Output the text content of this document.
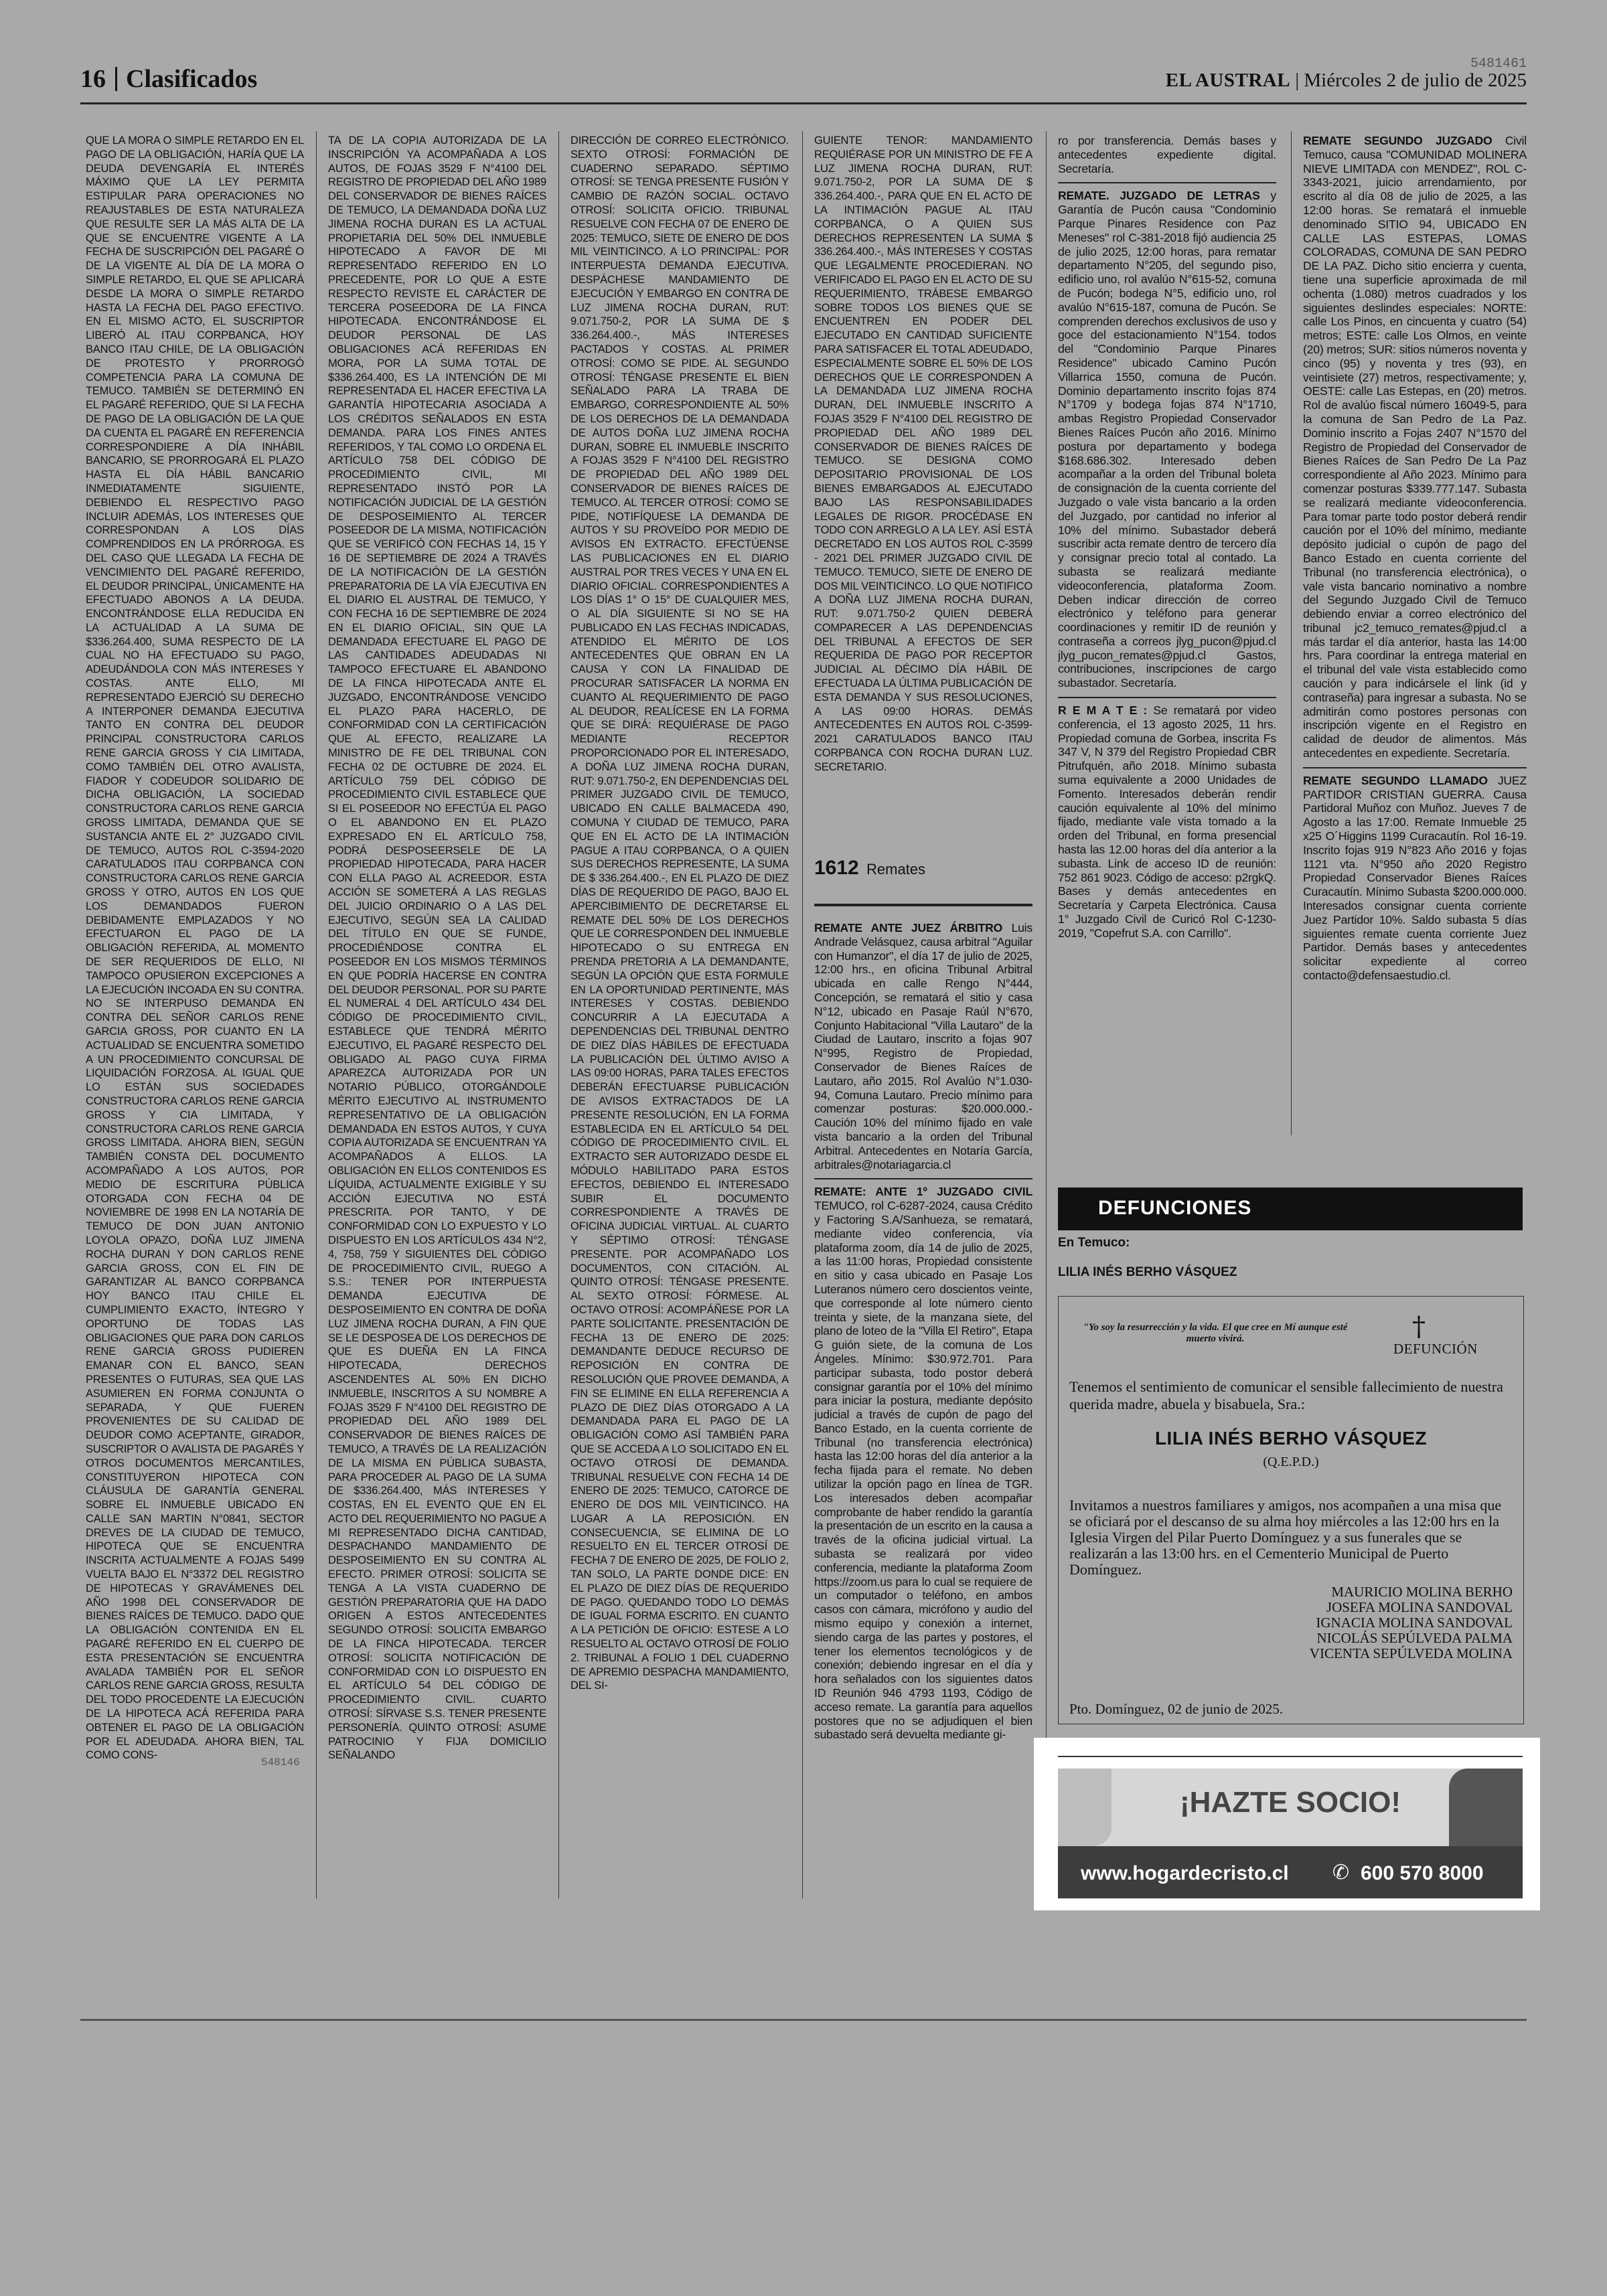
16 Clasificados
5481461
EL AUSTRAL | Miércoles 2 de julio de 2025
QUE LA MORA O SIMPLE RETARDO EN EL PAGO DE LA OBLIGACIÓN, HARÍA QUE LA DEUDA DEVENGARÍA EL INTERÉS MÁXIMO QUE LA LEY PERMITA ESTIPULAR PARA OPERACIONES NO REAJUSTABLES DE ESTA NATURALEZA QUE RESULTE SER LA MÁS ALTA DE LA QUE SE ENCUENTRE VIGENTE A LA FECHA DE SUSCRIPCIÓN DEL PAGARÉ O DE LA VIGENTE AL DÍA DE LA MORA O SIMPLE RETARDO, EL QUE SE APLICARÁ DESDE LA MORA O SIMPLE RETARDO HASTA LA FECHA DEL PAGO EFECTIVO. EN EL MISMO ACTO, EL SUSCRIPTOR LIBERÓ AL ITAU CORPBANCA, HOY BANCO ITAU CHILE, DE LA OBLIGACIÓN DE PROTESTO Y PRORROGÓ COMPETENCIA PARA LA COMUNA DE TEMUCO. TAMBIÉN SE DETERMINÓ EN EL PAGARÉ REFERIDO, QUE SI LA FECHA DE PAGO DE LA OBLIGACIÓN DE LA QUE DA CUENTA EL PAGARÉ EN REFERENCIA CORRESPONDIERE A DÍA INHÁBIL BANCARIO, SE PRORROGARÁ EL PLAZO HASTA EL DÍA HÁBIL BANCARIO INMEDIATAMENTE SIGUIENTE, DEBIENDO EL RESPECTIVO PAGO INCLUIR ADEMÁS, LOS INTERESES QUE CORRESPONDAN A LOS DÍAS COMPRENDIDOS EN LA PRÓRROGA. ES DEL CASO QUE LLEGADA LA FECHA DE VENCIMIENTO DEL PAGARÉ REFERIDO, EL DEUDOR PRINCIPAL, ÚNICAMENTE HA EFECTUADO ABONOS A LA DEUDA. ENCONTRÁNDOSE ELLA REDUCIDA EN LA ACTUALIDAD A LA SUMA DE $336.264.400, SUMA RESPECTO DE LA CUAL NO HA EFECTUADO SU PAGO, ADEUDÁNDOLA CON MÁS INTERESES Y COSTAS. ANTE ELLO, MI REPRESENTADO EJERCIÓ SU DERECHO A INTERPONER DEMANDA EJECUTIVA TANTO EN CONTRA DEL DEUDOR PRINCIPAL CONSTRUCTORA CARLOS RENE GARCIA GROSS Y CIA LIMITADA, COMO TAMBIÉN DEL OTRO AVALISTA, FIADOR Y CODEUDOR SOLIDARIO DE DICHA OBLIGACIÓN, LA SOCIEDAD CONSTRUCTORA CARLOS RENE GARCIA GROSS LIMITADA, DEMANDA QUE SE SUSTANCIA ANTE EL 2° JUZGADO CIVIL DE TEMUCO, AUTOS ROL C-3594-2020 CARATULADOS ITAU CORPBANCA CON CONSTRUCTORA CARLOS RENE GARCIA GROSS Y OTRO, AUTOS EN LOS QUE LOS DEMANDADOS FUERON DEBIDAMENTE EMPLAZADOS Y NO EFECTUARON EL PAGO DE LA OBLIGACIÓN REFERIDA, AL MOMENTO DE SER REQUERIDOS DE ELLO, NI TAMPOCO OPUSIERON EXCEPCIONES A LA EJECUCIÓN INCOADA EN SU CONTRA. NO SE INTERPUSO DEMANDA EN CONTRA DEL SEÑOR CARLOS RENE GARCIA GROSS, POR CUANTO EN LA ACTUALIDAD SE ENCUENTRA SOMETIDO A UN PROCEDIMIENTO CONCURSAL DE LIQUIDACIÓN FORZOSA. AL IGUAL QUE LO ESTÁN SUS SOCIEDADES CONSTRUCTORA CARLOS RENE GARCIA GROSS Y CIA LIMITADA, Y CONSTRUCTORA CARLOS RENE GARCIA GROSS LIMITADA. AHORA BIEN, SEGÚN TAMBIÉN CONSTA DEL DOCUMENTO ACOMPAÑADO A LOS AUTOS, POR MEDIO DE ESCRITURA PÚBLICA OTORGADA CON FECHA 04 DE NOVIEMBRE DE 1998 EN LA NOTARÍA DE TEMUCO DE DON JUAN ANTONIO LOYOLA OPAZO, DOÑA LUZ JIMENA ROCHA DURAN Y DON CARLOS RENE GARCIA GROSS, CON EL FIN DE GARANTIZAR AL BANCO CORPBANCA HOY BANCO ITAU CHILE EL CUMPLIMIENTO EXACTO, ÍNTEGRO Y OPORTUNO DE TODAS LAS OBLIGACIONES QUE PARA DON CARLOS RENE GARCIA GROSS PUDIEREN EMANAR CON EL BANCO, SEAN PRESENTES O FUTURAS, SEA QUE LAS ASUMIEREN EN FORMA CONJUNTA O SEPARADA, Y QUE FUEREN PROVENIENTES DE SU CALIDAD DE DEUDOR COMO ACEPTANTE, GIRADOR, SUSCRIPTOR O AVALISTA DE PAGARÉS Y OTROS DOCUMENTOS MERCANTILES, CONSTITUYERON HIPOTECA CON CLÁUSULA DE GARANTÍA GENERAL SOBRE EL INMUEBLE UBICADO EN CALLE SAN MARTIN N°0841, SECTOR DREVES DE LA CIUDAD DE TEMUCO, HIPOTECA QUE SE ENCUENTRA INSCRITA ACTUALMENTE A FOJAS 5499 VUELTA BAJO EL N°3372 DEL REGISTRO DE HIPOTECAS Y GRAVÁMENES DEL AÑO 1998 DEL CONSERVADOR DE BIENES RAÍCES DE TEMUCO. DADO QUE LA OBLIGACIÓN CONTENIDA EN EL PAGARÉ REFERIDO EN EL CUERPO DE ESTA PRESENTACIÓN SE ENCUENTRA AVALADA TAMBIÉN POR EL SEÑOR CARLOS RENE GARCIA GROSS, RESULTA DEL TODO PROCEDENTE LA EJECUCIÓN DE LA HIPOTECA ACÁ REFERIDA PARA OBTENER EL PAGO DE LA OBLIGACIÓN POR EL ADEUDADA. AHORA BIEN, TAL COMO CONS-
TA DE LA COPIA AUTORIZADA DE LA INSCRIPCIÓN YA ACOMPAÑADA A LOS AUTOS, DE FOJAS 3529 F N°4100 DEL REGISTRO DE PROPIEDAD DEL AÑO 1989 DEL CONSERVADOR DE BIENES RAÍCES DE TEMUCO, LA DEMANDADA DOÑA LUZ JIMENA ROCHA DURAN ES LA ACTUAL PROPIETARIA DEL 50% DEL INMUEBLE HIPOTECADO A FAVOR DE MI REPRESENTADO REFERIDO EN LO PRECEDENTE, POR LO QUE A ESTE RESPECTO REVISTE EL CARÁCTER DE TERCERA POSEEDORA DE LA FINCA HIPOTECADA. ENCONTRÁNDOSE EL DEUDOR PERSONAL DE LAS OBLIGACIONES ACÁ REFERIDAS EN MORA, POR LA SUMA TOTAL DE $336.264.400, ES LA INTENCIÓN DE MI REPRESENTADA EL HACER EFECTIVA LA GARANTÍA HIPOTECARIA ASOCIADA A LOS CRÉDITOS SEÑALADOS EN ESTA DEMANDA. PARA LOS FINES ANTES REFERIDOS, Y TAL COMO LO ORDENA EL ARTÍCULO 758 DEL CÓDIGO DE PROCEDIMIENTO CIVIL, MI REPRESENTADO INSTÓ POR LA NOTIFICACIÓN JUDICIAL DE LA GESTIÓN DE DESPOSEIMIENTO AL TERCER POSEEDOR DE LA MISMA, NOTIFICACIÓN QUE SE VERIFICÓ CON FECHAS 14, 15 Y 16 DE SEPTIEMBRE DE 2024 A TRAVÉS DE LA NOTIFICACIÓN DE LA GESTIÓN PREPARATORIA DE LA VÍA EJECUTIVA EN EL DIARIO EL AUSTRAL DE TEMUCO, Y CON FECHA 16 DE SEPTIEMBRE DE 2024 EN EL DIARIO OFICIAL, SIN QUE LA DEMANDADA EFECTUARE EL PAGO DE LAS CANTIDADES ADEUDADAS NI TAMPOCO EFECTUARE EL ABANDONO DE LA FINCA HIPOTECADA ANTE EL JUZGADO, ENCONTRÁNDOSE VENCIDO EL PLAZO PARA HACERLO, DE CONFORMIDAD CON LA CERTIFICACIÓN QUE AL EFECTO, REALIZARE LA MINISTRO DE FE DEL TRIBUNAL CON FECHA 02 DE OCTUBRE DE 2024. EL ARTÍCULO 759 DEL CÓDIGO DE PROCEDIMIENTO CIVIL ESTABLECE QUE SI EL POSEEDOR NO EFECTÚA EL PAGO O EL ABANDONO EN EL PLAZO EXPRESADO EN EL ARTÍCULO 758, PODRÁ DESPOSEERSELE DE LA PROPIEDAD HIPOTECADA, PARA HACER CON ELLA PAGO AL ACREEDOR. ESTA ACCIÓN SE SOMETERÁ A LAS REGLAS DEL JUICIO ORDINARIO O A LAS DEL EJECUTIVO, SEGÚN SEA LA CALIDAD DEL TÍTULO EN QUE SE FUNDE, PROCEDIÉNDOSE CONTRA EL POSEEDOR EN LOS MISMOS TÉRMINOS EN QUE PODRÍA HACERSE EN CONTRA DEL DEUDOR PERSONAL. POR SU PARTE EL NUMERAL 4 DEL ARTÍCULO 434 DEL CÓDIGO DE PROCEDIMIENTO CIVIL, ESTABLECE QUE TENDRÁ MÉRITO EJECUTIVO, EL PAGARÉ RESPECTO DEL OBLIGADO AL PAGO CUYA FIRMA APAREZCA AUTORIZADA POR UN NOTARIO PÚBLICO, OTORGÁNDOLE MÉRITO EJECUTIVO AL INSTRUMENTO REPRESENTATIVO DE LA OBLIGACIÓN DEMANDADA EN ESTOS AUTOS, Y CUYA COPIA AUTORIZADA SE ENCUENTRAN YA ACOMPAÑADOS A ELLOS. LA OBLIGACIÓN EN ELLOS CONTENIDOS ES LÍQUIDA, ACTUALMENTE EXIGIBLE Y SU ACCIÓN EJECUTIVA NO ESTÁ PRESCRITA. POR TANTO, Y DE CONFORMIDAD CON LO EXPUESTO Y LO DISPUESTO EN LOS ARTÍCULOS 434 N°2, 4, 758, 759 Y SIGUIENTES DEL CÓDIGO DE PROCEDIMIENTO CIVIL, RUEGO A S.S.: TENER POR INTERPUESTA DEMANDA EJECUTIVA DE DESPOSEIMIENTO EN CONTRA DE DOÑA LUZ JIMENA ROCHA DURAN, A FIN QUE SE LE DESPOSEA DE LOS DERECHOS DE QUE ES DUEÑA EN LA FINCA HIPOTECADA, DERECHOS ASCENDENTES AL 50% EN DICHO INMUEBLE, INSCRITOS A SU NOMBRE A FOJAS 3529 F N°4100 DEL REGISTRO DE PROPIEDAD DEL AÑO 1989 DEL CONSERVADOR DE BIENES RAÍCES DE TEMUCO, A TRAVÉS DE LA REALIZACIÓN DE LA MISMA EN PÚBLICA SUBASTA, PARA PROCEDER AL PAGO DE LA SUMA DE $336.264.400, MÁS INTERESES Y COSTAS, EN EL EVENTO QUE EN EL ACTO DEL REQUERIMIENTO NO PAGUE A MI REPRESENTADO DICHA CANTIDAD, DESPACHANDO MANDAMIENTO DE DESPOSEIMIENTO EN SU CONTRA AL EFECTO. PRIMER OTROSÍ: SOLICITA SE TENGA A LA VISTA CUADERNO DE GESTIÓN PREPARATORIA QUE HA DADO ORIGEN A ESTOS ANTECEDENTES SEGUNDO OTROSÍ: SOLICITA EMBARGO DE LA FINCA HIPOTECADA. TERCER OTROSÍ: SOLICITA NOTIFICACIÓN DE CONFORMIDAD CON LO DISPUESTO EN EL ARTÍCULO 54 DEL CÓDIGO DE PROCEDIMIENTO CIVIL. CUARTO OTROSÍ: SÍRVASE S.S. TENER PRESENTE PERSONERÍA. QUINTO OTROSÍ: ASUME PATROCINIO Y FIJA DOMICILIO SEÑALANDO
DIRECCIÓN DE CORREO ELECTRÓNICO. SEXTO OTROSÍ: FORMACIÓN DE CUADERNO SEPARADO. SÉPTIMO OTROSÍ: SE TENGA PRESENTE FUSIÓN Y CAMBIO DE RAZÓN SOCIAL. OCTAVO OTROSÍ: SOLICITA OFICIO. TRIBUNAL RESUELVE CON FECHA 07 DE ENERO DE 2025: TEMUCO, SIETE DE ENERO DE DOS MIL VEINTICINCO. A LO PRINCIPAL: POR INTERPUESTA DEMANDA EJECUTIVA. DESPÁCHESE MANDAMIENTO DE EJECUCIÓN Y EMBARGO EN CONTRA DE LUZ JIMENA ROCHA DURAN, RUT: 9.071.750-2, POR LA SUMA DE $ 336.264.400.-, MÁS INTERESES PACTADOS Y COSTAS. AL PRIMER OTROSÍ: COMO SE PIDE. AL SEGUNDO OTROSÍ: TÉNGASE PRESENTE EL BIEN SEÑALADO PARA LA TRABA DE EMBARGO, CORRESPONDIENTE AL 50% DE LOS DERECHOS DE LA DEMANDADA DE AUTOS DOÑA LUZ JIMENA ROCHA DURAN, SOBRE EL INMUEBLE INSCRITO A FOJAS 3529 F N°4100 DEL REGISTRO DE PROPIEDAD DEL AÑO 1989 DEL CONSERVADOR DE BIENES RAÍCES DE TEMUCO. AL TERCER OTROSÍ: COMO SE PIDE, NOTIFÍQUESE LA DEMANDA DE AUTOS Y SU PROVEÍDO POR MEDIO DE AVISOS EN EXTRACTO. EFECTÚENSE LAS PUBLICACIONES EN EL DIARIO AUSTRAL POR TRES VECES Y UNA EN EL DIARIO OFICIAL. CORRESPONDIENTES A LOS DÍAS 1° O 15° DE CUALQUIER MES, O AL DÍA SIGUIENTE SI NO SE HA PUBLICADO EN LAS FECHAS INDICADAS, ATENDIDO EL MÉRITO DE LOS ANTECEDENTES QUE OBRAN EN LA CAUSA Y CON LA FINALIDAD DE PROCURAR SATISFACER LA NORMA EN CUANTO AL REQUERIMIENTO DE PAGO AL DEUDOR, REALÍCESE EN LA FORMA QUE SE DIRÁ: REQUIÉRASE DE PAGO MEDIANTE RECEPTOR PROPORCIONADO POR EL INTERESADO, A DOÑA LUZ JIMENA ROCHA DURAN, RUT: 9.071.750-2, EN DEPENDENCIAS DEL PRIMER JUZGADO CIVIL DE TEMUCO, UBICADO EN CALLE BALMACEDA 490, COMUNA Y CIUDAD DE TEMUCO, PARA QUE EN EL ACTO DE LA INTIMACIÓN PAGUE A ITAU CORPBANCA, O A QUIEN SUS DERECHOS REPRESENTE, LA SUMA DE $ 336.264.400.-, EN EL PLAZO DE DIEZ DÍAS DE REQUERIDO DE PAGO, BAJO EL APERCIBIMIENTO DE DECRETARSE EL REMATE DEL 50% DE LOS DERECHOS QUE LE CORRESPONDEN DEL INMUEBLE HIPOTECADO O SU ENTREGA EN PRENDA PRETORIA A LA DEMANDANTE, SEGÚN LA OPCIÓN QUE ESTA FORMULE EN LA OPORTUNIDAD PERTINENTE, MÁS INTERESES Y COSTAS. DEBIENDO CONCURRIR A LA EJECUTADA A DEPENDENCIAS DEL TRIBUNAL DENTRO DE DIEZ DÍAS HÁBILES DE EFECTUADA LA PUBLICACIÓN DEL ÚLTIMO AVISO A LAS 09:00 HORAS, PARA TALES EFECTOS DEBERÁN EFECTUARSE PUBLICACIÓN DE AVISOS EXTRACTADOS DE LA PRESENTE RESOLUCIÓN, EN LA FORMA ESTABLECIDA EN EL ARTÍCULO 54 DEL CÓDIGO DE PROCEDIMIENTO CIVIL. EL EXTRACTO SER AUTORIZADO DESDE EL MÓDULO HABILITADO PARA ESTOS EFECTOS, DEBIENDO EL INTERESADO SUBIR EL DOCUMENTO CORRESPONDIENTE A TRAVÉS DE OFICINA JUDICIAL VIRTUAL. AL CUARTO Y SÉPTIMO OTROSÍ: TÉNGASE PRESENTE. POR ACOMPAÑADO LOS DOCUMENTOS, CON CITACIÓN. AL QUINTO OTROSÍ: TÉNGASE PRESENTE. AL SEXTO OTROSÍ: FÓRMESE. AL OCTAVO OTROSÍ: ACOMPÁÑESE POR LA PARTE SOLICITANTE. PRESENTACIÓN DE FECHA 13 DE ENERO DE 2025: DEMANDANTE DEDUCE RECURSO DE REPOSICIÓN EN CONTRA DE RESOLUCIÓN QUE PROVEE DEMANDA, A FIN SE ELIMINE EN ELLA REFERENCIA A PLAZO DE DIEZ DÍAS OTORGADO A LA DEMANDADA PARA EL PAGO DE LA OBLIGACIÓN COMO ASÍ TAMBIÉN PARA QUE SE ACCEDA A LO SOLICITADO EN EL OCTAVO OTROSÍ DE DEMANDA. TRIBUNAL RESUELVE CON FECHA 14 DE ENERO DE 2025: TEMUCO, CATORCE DE ENERO DE DOS MIL VEINTICINCO. HA LUGAR A LA REPOSICIÓN. EN CONSECUENCIA, SE ELIMINA DE LO RESUELTO EN EL TERCER OTROSÍ DE FECHA 7 DE ENERO DE 2025, DE FOLIO 2, TAN SOLO, LA PARTE DONDE DICE: EN EL PLAZO DE DIEZ DÍAS DE REQUERIDO DE PAGO. QUEDANDO TODO LO DEMÁS DE IGUAL FORMA ESCRITO. EN CUANTO A LA PETICIÓN DE OFICIO: ESTESE A LO RESUELTO AL OCTAVO OTROSÍ DE FOLIO 2. TRIBUNAL A FOLIO 1 DEL CUADERNO DE APREMIO DESPACHA MANDAMIENTO, DEL SI-
GUIENTE TENOR: MANDAMIENTO REQUIÉRASE POR UN MINISTRO DE FE A LUZ JIMENA ROCHA DURAN, RUT: 9.071.750-2, POR LA SUMA DE $ 336.264.400.-, PARA QUE EN EL ACTO DE LA INTIMACIÓN PAGUE AL ITAU CORPBANCA, O A QUIEN SUS DERECHOS REPRESENTEN LA SUMA $ 336.264.400.-, MÁS INTERESES Y COSTAS QUE LEGALMENTE PROCEDIERAN. NO VERIFICADO EL PAGO EN EL ACTO DE SU REQUERIMIENTO, TRÁBESE EMBARGO SOBRE TODOS LOS BIENES QUE SE ENCUENTREN EN PODER DEL EJECUTADO EN CANTIDAD SUFICIENTE PARA SATISFACER EL TOTAL ADEUDADO, ESPECIALMENTE SOBRE EL 50% DE LOS DERECHOS QUE LE CORRESPONDEN A LA DEMANDADA LUZ JIMENA ROCHA DURAN, DEL INMUEBLE INSCRITO A FOJAS 3529 F N°4100 DEL REGISTRO DE PROPIEDAD DEL AÑO 1989 DEL CONSERVADOR DE BIENES RAÍCES DE TEMUCO. SE DESIGNA COMO DEPOSITARIO PROVISIONAL DE LOS BIENES EMBARGADOS AL EJECUTADO BAJO LAS RESPONSABILIDADES LEGALES DE RIGOR. PROCÉDASE EN TODO CON ARREGLO A LA LEY. ASÍ ESTÁ DECRETADO EN LOS AUTOS ROL C-3599 - 2021 DEL PRIMER JUZGADO CIVIL DE TEMUCO. TEMUCO, SIETE DE ENERO DE DOS MIL VEINTICINCO. LO QUE NOTIFICO A DOÑA LUZ JIMENA ROCHA DURAN, RUT: 9.071.750-2 QUIEN DEBERÁ COMPARECER A LAS DEPENDENCIAS DEL TRIBUNAL A EFECTOS DE SER REQUERIDA DE PAGO POR RECEPTOR JUDICIAL AL DÉCIMO DÍA HÁBIL DE EFECTUADA LA ÚLTIMA PUBLICACIÓN DE ESTA DEMANDA Y SUS RESOLUCIONES, A LAS 09:00 HORAS. DEMÁS ANTECEDENTES EN AUTOS ROL C-3599-2021 CARATULADOS BANCO ITAU CORPBANCA CON ROCHA DURAN LUZ. SECRETARIO.
1612 Remates

REMATE ANTE JUEZ ÁRBITRO Luis Andrade Velásquez, causa arbitral "Aguilar con Humanzor", el día 17 de julio de 2025, 12:00 hrs., en oficina Tribunal Arbitral ubicada en calle Rengo N°444, Concepción, se rematará el sitio y casa N°12, ubicado en Pasaje Raúl N°670, Conjunto Habitacional "Villa Lautaro" de la Ciudad de Lautaro, inscrito a fojas 907 N°995, Registro de Propiedad, Conservador de Bienes Raíces de Lautaro, año 2015. Rol Avalúo N°1.030-94, Comuna Lautaro. Precio mínimo para comenzar posturas: $20.000.000.- Caución 10% del mínimo fijado en vale vista bancario a la orden del Tribunal Arbitral. Antecedentes en Notaría García, arbitrales@notariagarcia.cl

REMATE: ANTE 1º JUZGADO CIVIL TEMUCO, rol C-6287-2024, causa Crédito y Factoring S.A/Sanhueza, se rematará, mediante video conferencia, vía plataforma zoom, día 14 de julio de 2025, a las 11:00 horas, Propiedad consistente en sitio y casa ubicado en Pasaje Los Luteranos número cero doscientos veinte, que corresponde al lote número ciento treinta y siete, de la manzana siete, del plano de loteo de la "Villa El Retiro", Etapa G guión siete, de la comuna de Los Ángeles. Mínimo: $30.972.701. Para participar subasta, todo postor deberá consignar garantía por el 10% del mínimo para iniciar la postura, mediante depósito judicial a través de cupón de pago del Banco Estado, en la cuenta corriente de Tribunal (no transferencia electrónica) hasta las 12:00 horas del día anterior a la fecha fijada para el remate. No deben utilizar la opción pago en línea de TGR. Los interesados deben acompañar comprobante de haber rendido la garantía la presentación de un escrito en la causa a través de la oficina judicial virtual. La subasta se realizará por video conferencia, mediante la plataforma Zoom https://zoom.us para lo cual se requiere de un computador o teléfono, en ambos casos con cámara, micrófono y audio del mismo equipo y conexión a internet, siendo carga de las partes y postores, el tener los elementos tecnológicos y de conexión; debiendo ingresar en el día y hora señalados con los siguientes datos ID Reunión 946 4793 1193, Código de acceso remate. La garantía para aquellos postores que no se adjudiquen el bien subastado será devuelta mediante gi-

ro por transferencia. Demás bases y antecedentes expediente digital. Secretaría.

REMATE. JUZGADO DE LETRAS y Garantía de Pucón causa "Condominio Parque Pinares Residence con Paz Meneses" rol C-381-2018 fijó audiencia 25 de julio 2025, 12:00 horas, para rematar departamento N°205, del segundo piso, edificio uno, rol avalúo N°615-52, comuna de Pucón; bodega N°5, edificio uno, rol avalúo N°615-187, comuna de Pucón. Se comprenden derechos exclusivos de uso y goce del estacionamiento N°154. todos del "Condominio Parque Pinares Residence" ubicado Camino Pucón Villarrica 1550, comuna de Pucón. Dominio departamento inscrito fojas 874 N°1709 y bodega fojas 874 N°1710, ambas Registro Propiedad Conservador Bienes Raíces Pucón año 2016. Mínimo postura por departamento y bodega $168.686.302. Interesado deben acompañar a la orden del Tribunal boleta de consignación de la cuenta corriente del Juzgado o vale vista bancario a la orden del Juzgado, por cantidad no inferior al 10% del mínimo. Subastador deberá suscribir acta remate dentro de tercero día y consignar precio total al contado. La subasta se realizará mediante videoconferencia, plataforma Zoom. Deben indicar dirección de correo electrónico y teléfono para generar coordinaciones y remitir ID de reunión y contraseña a correos jlyg_pucon@pjud.cl jlyg_pucon_remates@pjud.cl Gastos, contribuciones, inscripciones de cargo subastador. Secretaría.

R E M A T E : Se rematará por video conferencia, el 13 agosto 2025, 11 hrs. Propiedad comuna de Gorbea, inscrita Fs 347 V, N 379 del Registro Propiedad CBR Pitrufquén, año 2018. Mínimo subasta suma equivalente a 2000 Unidades de Fomento. Interesados deberán rendir caución equivalente al 10% del mínimo fijado, mediante vale vista tomado a la orden del Tribunal, en forma presencial hasta las 12.00 horas del día anterior a la subasta. Link de acceso ID de reunión: 752 861 9023. Código de acceso: p2rgkQ. Bases y demás antecedentes en Secretaría y Carpeta Electrónica. Causa 1° Juzgado Civil de Curicó Rol C-1230-2019, "Copefrut S.A. con Carrillo".

REMATE SEGUNDO JUZGADO Civil Temuco, causa "COMUNIDAD MOLINERA NIEVE LIMITADA con MENDEZ", ROL C-3343-2021, juicio arrendamiento, por escrito al día 08 de julio de 2025, a las 12:00 horas. Se rematará el inmueble denominado SITIO 94, UBICADO EN CALLE LAS ESTEPAS, LOMAS COLORADAS, COMUNA DE SAN PEDRO DE LA PAZ. Dicho sitio encierra y cuenta, tiene una superficie aproximada de mil ochenta (1.080) metros cuadrados y los siguientes deslindes especiales: NORTE: calle Los Pinos, en cincuenta y cuatro (54) metros; ESTE: calle Los Olmos, en veinte (20) metros; SUR: sitios números noventa y cinco (95) y noventa y tres (93), en veintisiete (27) metros, respectivamente; y, OESTE: calle Las Estepas, en (20) metros. Rol de avalúo fiscal número 16049-5, para la comuna de San Pedro de La Paz. Dominio inscrito a Fojas 2407 N°1570 del Registro de Propiedad del Conservador de Bienes Raíces de San Pedro De La Paz correspondiente al Año 2023. Mínimo para comenzar posturas $339.777.147. Subasta se realizará mediante videoconferencia. Para tomar parte todo postor deberá rendir caución por el 10% del mínimo, mediante depósito judicial o cupón de pago del Banco Estado en cuenta corriente del Tribunal (no transferencia electrónica), o vale vista bancario nominativo a nombre del Segundo Juzgado Civil de Temuco debiendo enviar a correo electrónico del tribunal jc2_temuco_remates@pjud.cl a más tardar el día anterior, hasta las 14:00 hrs. Para coordinar la entrega material en el tribunal del vale vista establecido como caución y para indicársele el link (id y contraseña) para ingresar a subasta. No se admitirán como postores personas con inscripción vigente en el Registro en calidad de deudor de alimentos. Más antecedentes en expediente. Secretaría.

REMATE SEGUNDO LLAMADO JUEZ PARTIDOR CRISTIAN GUERRA. Causa Partidoral Muñoz con Muñoz. Jueves 7 de Agosto a las 17:00. Remate Inmueble 25 x25 O´Higgins 1199 Curacautín. Rol 16-19. Inscrito fojas 919 N°823 Año 2016 y fojas 1121 vta. N°950 año 2020 Registro Propiedad Conservador Bienes Raíces Curacautín. Mínimo Subasta $200.000.000. Interesados consignar cuenta corriente Juez Partidor 10%. Saldo subasta 5 días siguientes remate cuenta corriente Juez Partidor. Demás bases y antecedentes solicitar expediente al correo contacto@defensaestudio.cl.

DEFUNCIONES
En Temuco:
LILIA INÉS BERHO VÁSQUEZ
"Yo soy la resurrección y la vida. El que cree en Mí aunque esté muerto vivirá.	†
DEFUNCIÓN
Tenemos el sentimiento de comunicar el sensible fallecimiento de nuestra querida madre, abuela y bisabuela, Sra.:
LILIA INÉS BERHO VÁSQUEZ
(Q.E.P.D.)
Invitamos a nuestros familiares y amigos, nos acompañen a una misa que se oficiará por el descanso de su alma hoy miércoles a las 12:00 hrs en la Iglesia Virgen del Pilar Puerto Domínguez y a sus funerales que se realizarán a las 13:00 hrs. en el Cementerio Municipal de Puerto Domínguez.
MAURICIO MOLINA BERHO
JOSEFA MOLINA SANDOVAL
IGNACIA MOLINA SANDOVAL
NICOLÁS SEPÚLVEDA PALMA
VICENTA SEPÚLVEDA MOLINA
Pto. Domínguez, 02 de junio de 2025.
¡HAZTE SOCIO!
www.hogardecristo.cl ✆ 600 570 8000
548146
